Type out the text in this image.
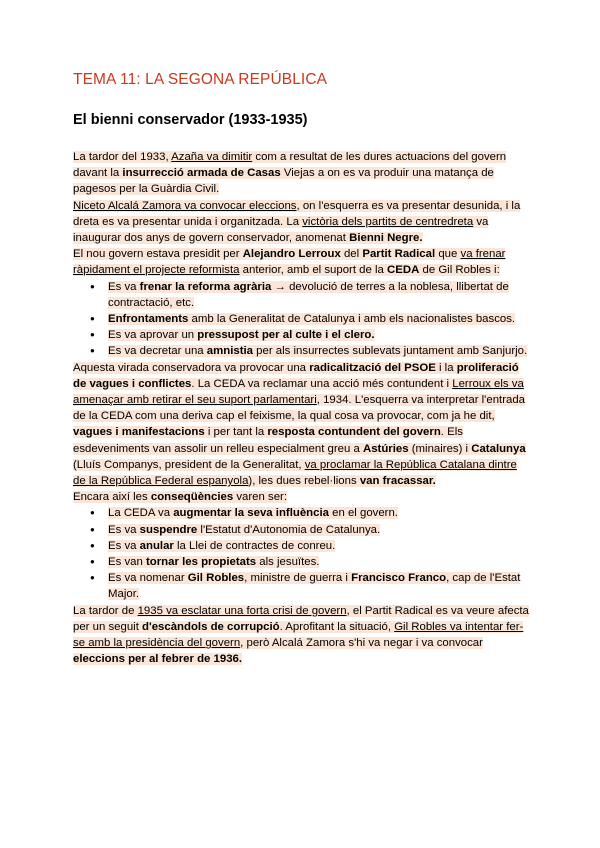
TEMA 11: LA SEGONA REPÚBLICA
El bienni conservador (1933-1935)

La tardor del 1933, Azaña va dimitir com a resultat de les dures actuacions del govern davant la insurrecció armada de Casas Viejas a on es va produir una matança de pagesos per la Guàrdia Civil.

Niceto Alcalá Zamora va convocar eleccions, on l'esquerra es va presentar desunida, i la dreta es va presentar unida i organitzada. La victòria dels partits de centredreta va inaugurar dos anys de govern conservador, anomenat Bienni Negre.

El nou govern estava presidit per Alejandro Lerroux del Partit Radical que va frenar ràpidament el projecte reformista anterior, amb el suport de la CEDA de Gil Robles i:

● Es va frenar la reforma agrària → devolució de terres a la noblesa, llibertat de contractació, etc.
● Enfrontaments amb la Generalitat de Catalunya i amb els nacionalistes bascos.
● Es va aprovar un pressupost per al culte i el clero.
● Es va decretar una amnistia per als insurrectes sublevats juntament amb Sanjurjo.

Aquesta virada conservadora va provocar una radicalització del PSOE i la proliferació de vagues i conflictes. La CEDA va reclamar una acció més contundent i Lerroux els va amenaçar amb retirar el seu suport parlamentari, 1934. L'esquerra va interpretar l'entrada de la CEDA com una deriva cap el feixisme, la qual cosa va provocar, com ja he dit, vagues i manifestacions i per tant la resposta contundent del govern. Els esdeveniments van assolir un relleu especialment greu a Astúries (minaires) i Catalunya (Lluís Companys, president de la Generalitat, va proclamar la República Catalana dintre de la República Federal espanyola), les dues rebel·lions van fracassar.

Encara així les conseqüències varen ser:

● La CEDA va augmentar la seva influència en el govern.
● Es va suspendre l'Estatut d'Autonomia de Catalunya.
● Es va anular la Llei de contractes de conreu.
● Es van tornar les propietats als jesuïtes.
● Es va nomenar Gil Robles, ministre de guerra i Francisco Franco, cap de l'Estat Major.

La tardor de 1935 va esclatar una forta crisi de govern, el Partit Radical es va veure afecta per un seguit d'escàndols de corrupció. Aprofitant la situació, Gil Robles va intentar fer-se amb la presidència del govern, però Alcalá Zamora s'hi va negar i va convocar eleccions per al febrer de 1936.
